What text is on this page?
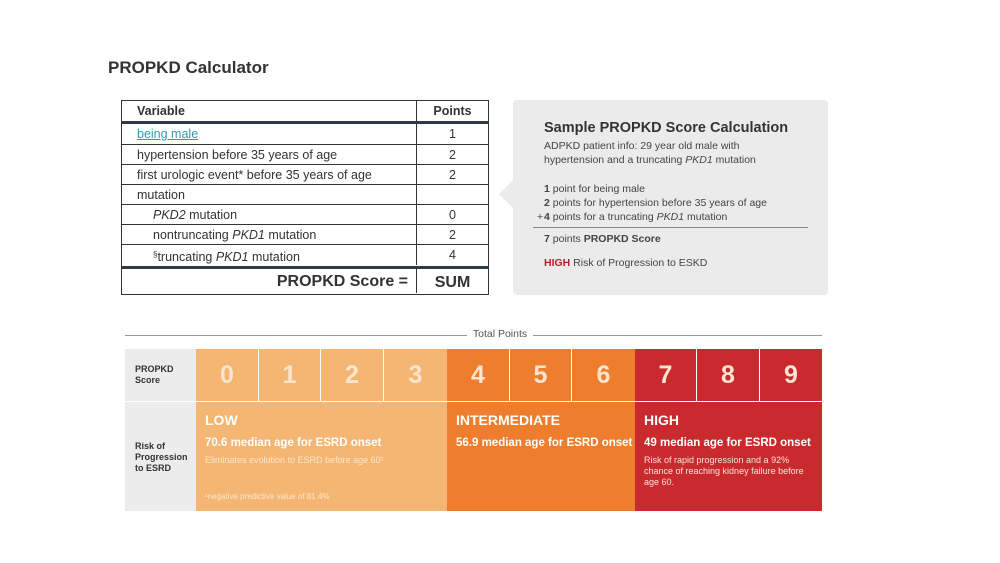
PROPKD Calculator
Variable	Points
being male	1
hypertension before 35 years of age	2
first urologic event* before 35 years of age	2
mutation
PKD2 mutation	0
nontruncating PKD1 mutation	2
§truncating PKD1 mutation	4
PROPKD Score =	SUM
Sample PROPKD Score Calculation
ADPKD patient info: 29 year old male with hypertension and a truncating PKD1 mutation
1 point for being male
2 points for hypertension before 35 years of age
+ 4 points for a truncating PKD1 mutation
7 points PROPKD Score
HIGH Risk of Progression to ESKD
Total Points
PROPKD Score
Risk of Progression to ESRD
0	1	2	3	4	5	6	7	8	9
LOW
70.6 median age for ESRD onset
Eliminates evolution to ESRD before age 60¹
¹negative predictive value of 81.4%
INTERMEDIATE
56.9 median age for ESRD onset
HIGH
49 median age for ESRD onset
Risk of rapid progression and a 92% chance of reaching kidney failure before age 60.
